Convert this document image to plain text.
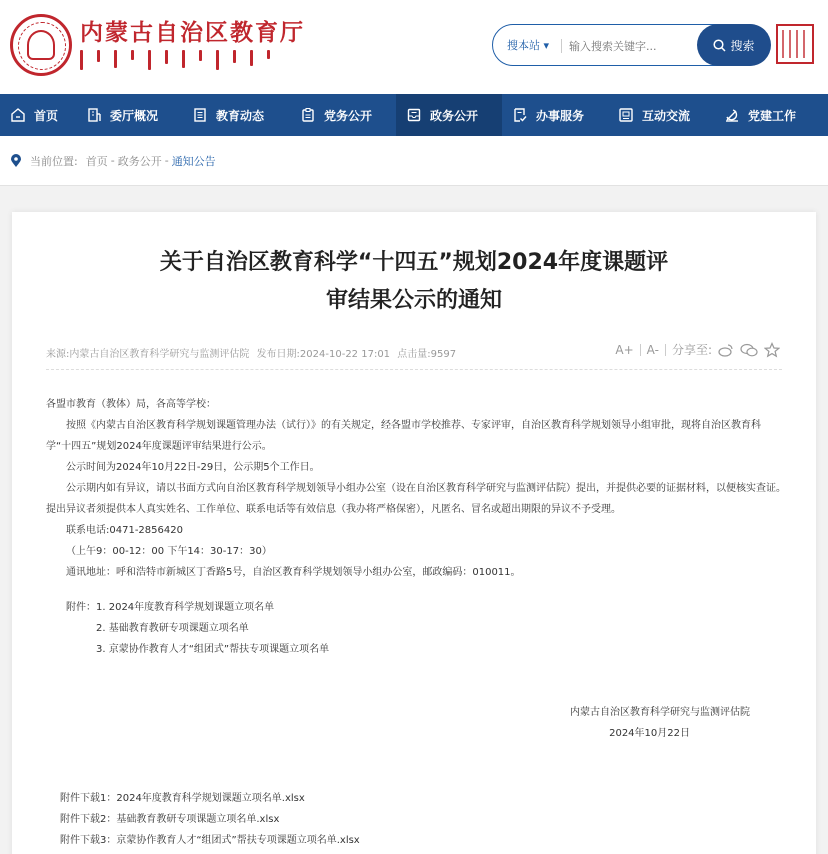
内蒙古自治区教育厅	搜本站 ▾
输入搜索关键字...	搜索
首页	委厅概况	教育动态	党务公开	政务公开	办事服务	互动交流	党建工作
当前位置: 首页 - 政务公开 - 通知公告
关于自治区教育科学“十四五”规划2024年度课题评
审结果公示的通知
来源:内蒙古自治区教育科学研究与监测评估院 发布日期:2024-10-22 17:01 点击量:9597	A+ A- 分享至:

各盟市教育（教体）局，各高等学校：

按照《内蒙古自治区教育科学规划课题管理办法（试行）》的有关规定，经各盟市学校推荐、专家评审，自治区教育科学规划领导小组审批，现将自治区教育科学“十四五”规划2024年度课题评审结果进行公示。

公示时间为2024年10月22日-29日，公示期5个工作日。

公示期内如有异议，请以书面方式向自治区教育科学规划领导小组办公室（设在自治区教育科学研究与监测评估院）提出，并提供必要的证据材料，以便核实查证。提出异议者须提供本人真实姓名、工作单位、联系电话等有效信息（我办将严格保密），凡匿名、冒名或超出期限的异议不予受理。

联系电话:0471-2856420

（上午9：00-12：00 下午14：30-17：30）

通讯地址：呼和浩特市新城区丁香路5号，自治区教育科学规划领导小组办公室，邮政编码：010011。

附件：1. 2024年度教育科学规划课题立项名单

2. 基础教育教研专项课题立项名单

3. 京蒙协作教育人才“组团式”帮扶专项课题立项名单

内蒙古自治区教育科学研究与监测评估院

2024年10月22日

附件下载1：2024年度教育科学规划课题立项名单.xlsx
附件下载2：基础教育教研专项课题立项名单.xlsx
附件下载3：京蒙协作教育人才“组团式”帮扶专项课题立项名单.xlsx
